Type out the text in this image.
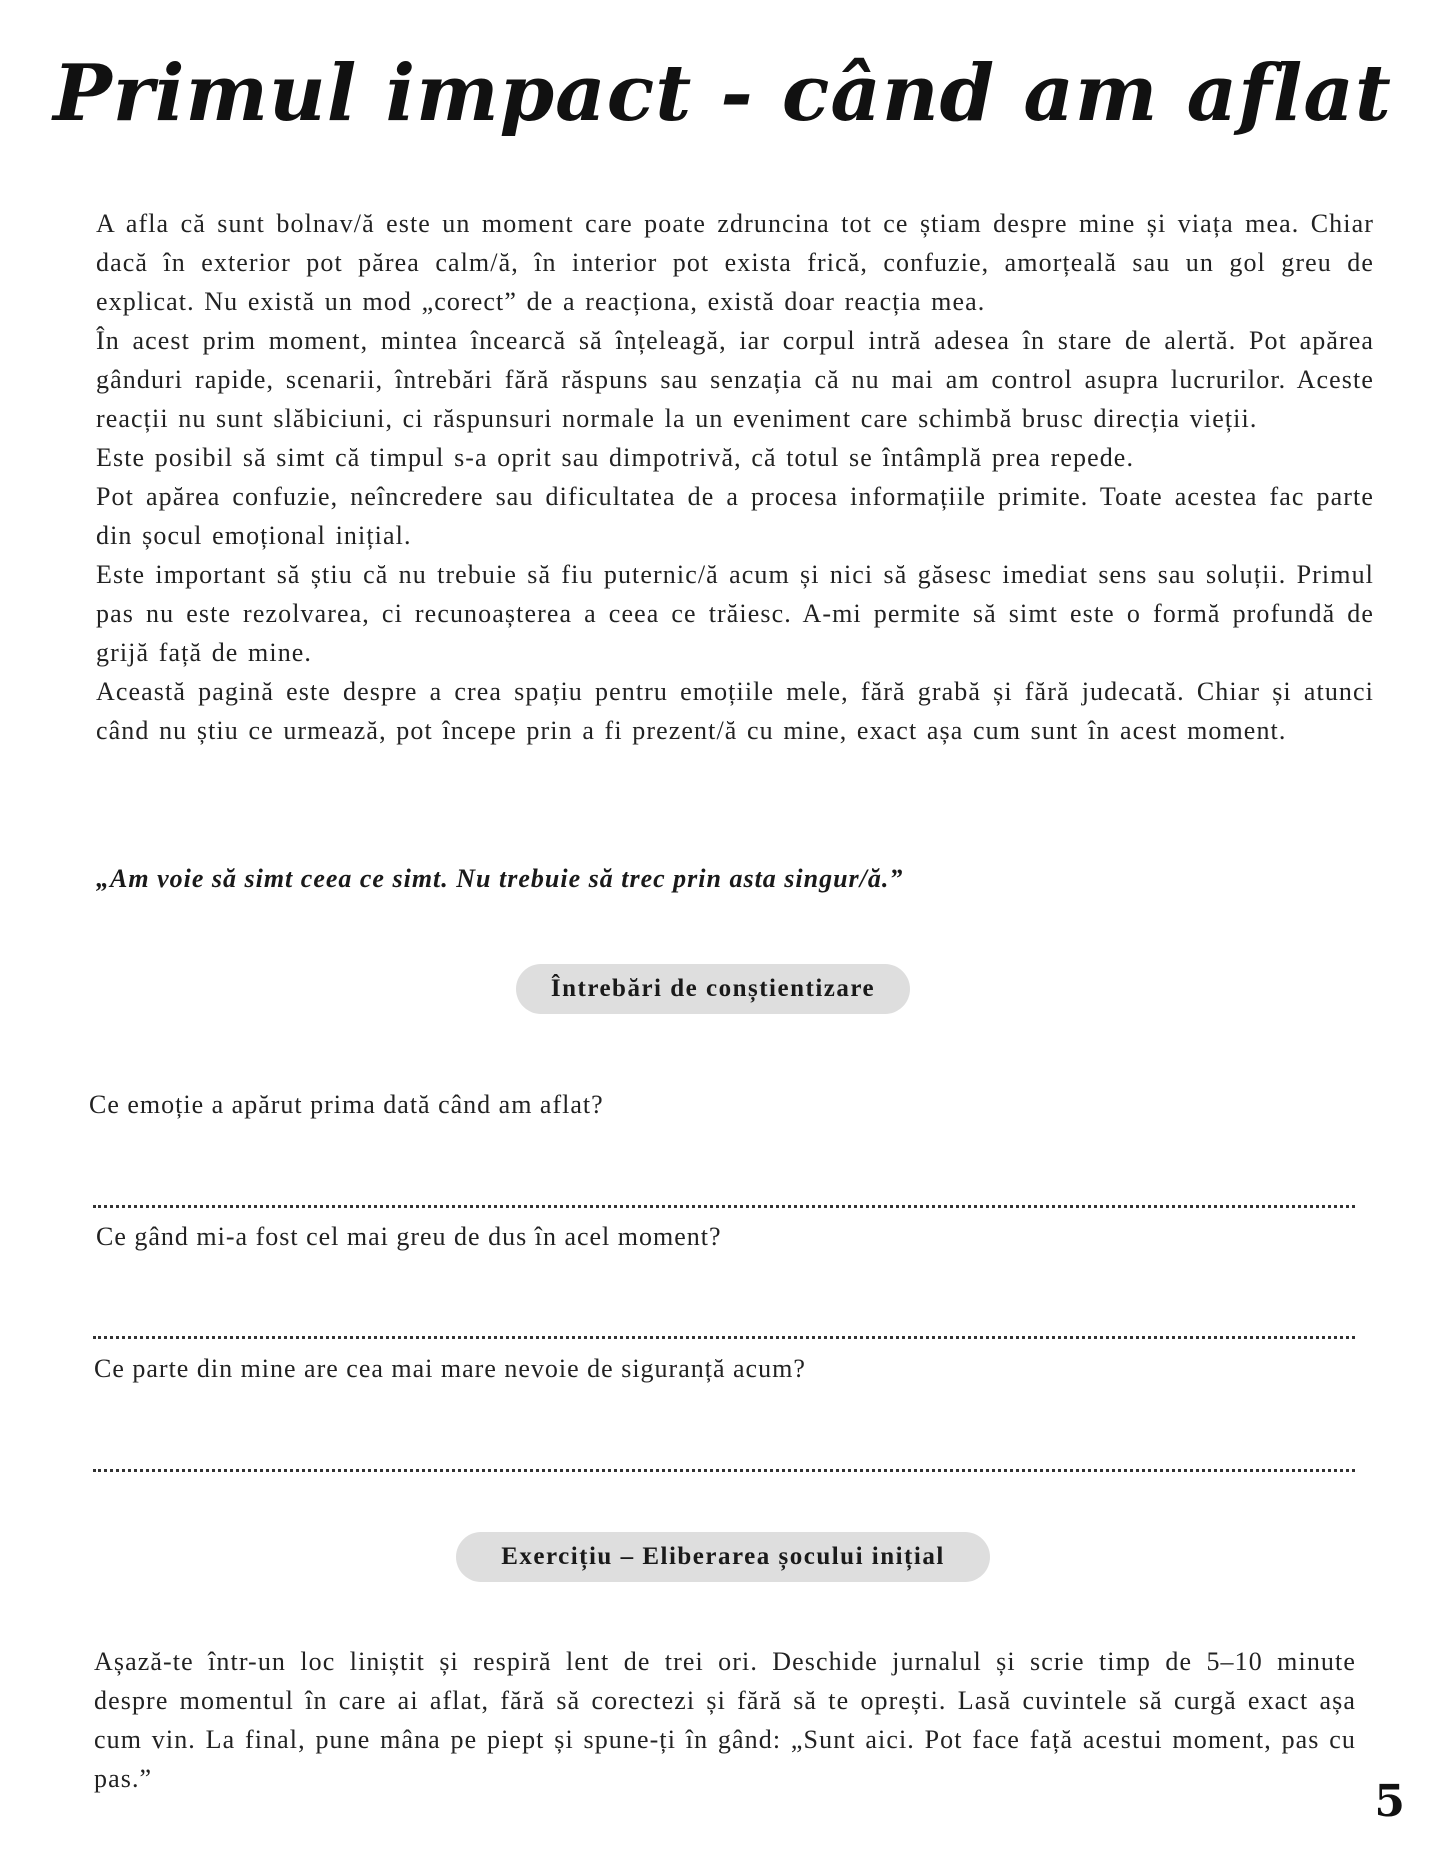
Primul impact - când am aflat

A afla că sunt bolnav/ă este un moment care poate zdruncina tot ce știam despre mine și viața mea. Chiar dacă în exterior pot părea calm/ă, în interior pot exista frică, confuzie, amorțeală sau un gol greu de explicat. Nu există un mod „corect” de a reacționa, există doar reacția mea.

În acest prim moment, mintea încearcă să înțeleagă, iar corpul intră adesea în stare de alertă. Pot apărea gânduri rapide, scenarii, întrebări fără răspuns sau senzația că nu mai am control asupra lucrurilor. Aceste reacții nu sunt slăbiciuni, ci răspunsuri normale la un eveniment care schimbă brusc direcția vieții.

Este posibil să simt că timpul s-a oprit sau dimpotrivă, că totul se întâmplă prea repede.

Pot apărea confuzie, neîncredere sau dificultatea de a procesa informațiile primite. Toate acestea fac parte din șocul emoțional inițial.

Este important să știu că nu trebuie să fiu puternic/ă acum și nici să găsesc imediat sens sau soluții. Primul pas nu este rezolvarea, ci recunoașterea a ceea ce trăiesc. A-mi permite să simt este o formă profundă de grijă față de mine.

Această pagină este despre a crea spațiu pentru emoțiile mele, fără grabă și fără judecată. Chiar și atunci când nu știu ce urmează, pot începe prin a fi prezent/ă cu mine, exact așa cum sunt în acest moment.

„Am voie să simt ceea ce simt. Nu trebuie să trec prin asta singur/ă.”
Întrebări de conștientizare
Ce emoție a apărut prima dată când am aflat?
Ce gând mi-a fost cel mai greu de dus în acel moment?
Ce parte din mine are cea mai mare nevoie de siguranță acum?
Exercițiu – Eliberarea șocului inițial

Așază-te într-un loc liniștit și respiră lent de trei ori. Deschide jurnalul și scrie timp de 5–10 minute despre momentul în care ai aflat, fără să corectezi și fără să te oprești. Lasă cuvintele să curgă exact așa cum vin. La final, pune mâna pe piept și spune-ți în gând: „Sunt aici. Pot face față acestui moment, pas cu pas.”	5
